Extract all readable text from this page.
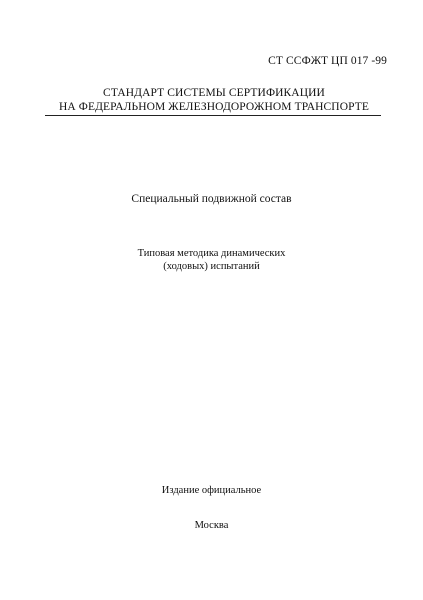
СТ ССФЖТ ЦП 017 -99
СТАНДАРТ СИСТЕМЫ СЕРТИФИКАЦИИ
НА ФЕДЕРАЛЬНОМ ЖЕЛЕЗНОДОРОЖНОМ ТРАНСПОРТЕ
Специальный подвижной состав
Типовая методика динамических
(ходовых) испытаний
Издание официальное
Москва
